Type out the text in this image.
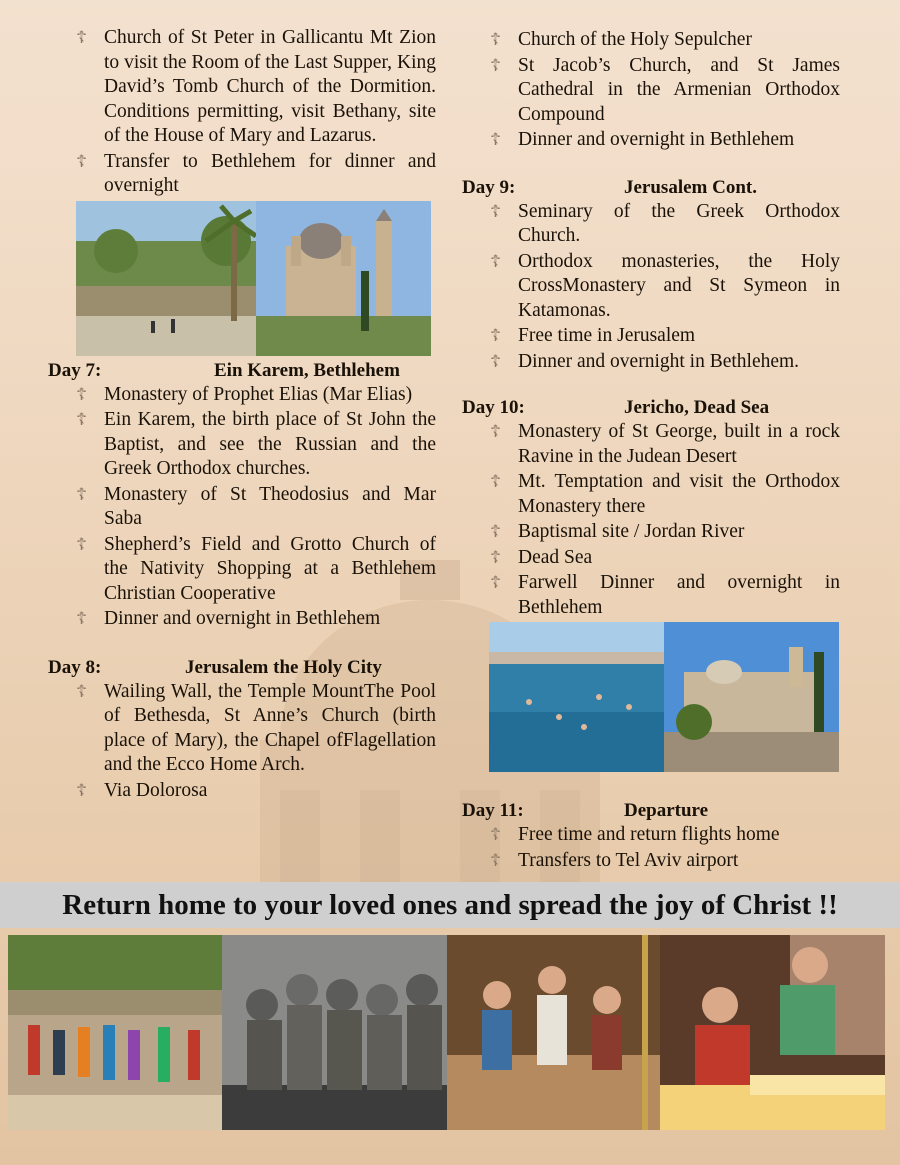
☦ Church of St Peter in Gallicantu Mt Zion to visit the Room of the Last Supper, King David’s Tomb Church of the Dormition. Conditions permitting, visit Bethany, site of the House of Mary and Lazarus.
☦ Transfer to Bethlehem for dinner and overnight
Day 7:	Ein Karem, Bethlehem
☦ Monastery of Prophet Elias (Mar Elias)
☦ Ein Karem, the birth place of St John the Baptist, and see the Russian and the Greek Orthodox churches.
☦ Monastery of St Theodosius and Mar Saba
☦ Shepherd’s Field and Grotto Church of the Nativity Shopping at a Bethlehem Christian Cooperative
☦ Dinner and overnight in Bethlehem
Day 8:	Jerusalem the Holy City
☦ Wailing Wall, the Temple MountThe Pool of Bethesda, St Anne’s Church (birth place of Mary), the Chapel ofFlagellation and the Ecco Home Arch.
☦ Via Dolorosa
☦ Church of the Holy Sepulcher
☦ St Jacob’s Church, and St James Cathedral in the Armenian Orthodox Compound
☦ Dinner and overnight in Bethlehem
Day 9:	Jerusalem Cont.
☦ Seminary of the Greek Orthodox Church.
☦ Orthodox monasteries, the Holy CrossMonastery and St Symeon in Katamonas.
☦ Free time in Jerusalem
☦ Dinner and overnight in Bethlehem.
Day 10:	Jericho, Dead Sea
☦ Monastery of St George, built in a rock Ravine in the Judean Desert
☦ Mt. Temptation and visit the Orthodox Monastery there
☦ Baptismal site / Jordan River
☦ Dead Sea
☦ Farwell Dinner and overnight in Bethlehem
Day 11:	Departure
☦ Free time and return flights home
☦ Transfers to Tel Aviv airport
Return home to your loved ones and spread the joy of Christ !!
